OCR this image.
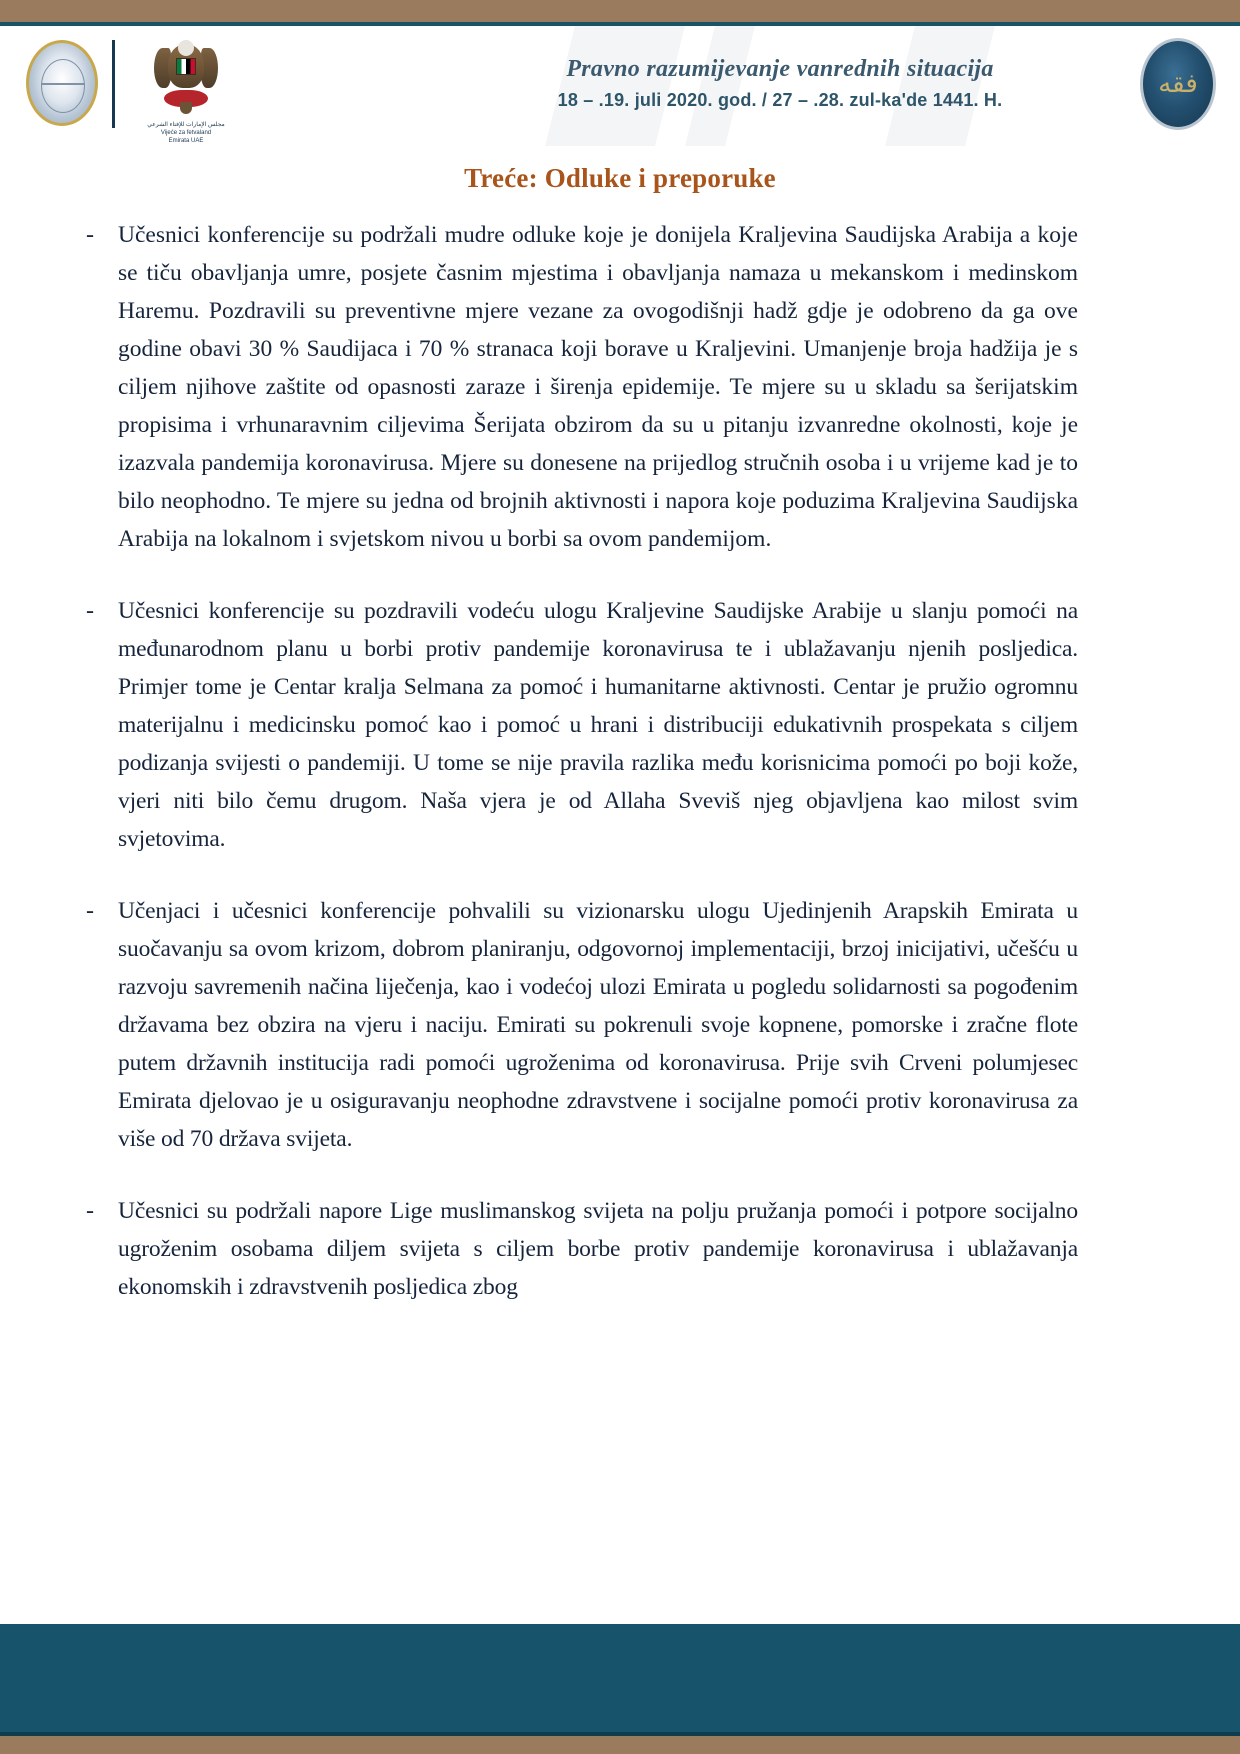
مجلس الإمارات للإفتاء الشرعي
Vijeće za fetvaland
Emirata UAE
Pravno razumijevanje vanrednih situacija
18 – .19. juli 2020. god. / 27 – .28. zul-ka'de 1441. H.
فقه
Treće: Odluke i preporuke
-	Učesnici konferencije su podržali mudre odluke koje je donijela Kraljevina Saudijska Arabija a koje se tiču obavljanja umre, posjete časnim mjestima i obavljanja namaza u mekanskom i medinskom Haremu. Pozdravili su preventivne mjere vezane za ovogodišnji hadž gdje je odobreno da ga ove godine obavi 30 % Saudijaca i 70 % stranaca koji borave u Kraljevini. Umanjenje broja hadžija je s ciljem njihove zaštite od opasnosti zaraze i širenja epidemije. Te mjere su u skladu sa šerijatskim propisima i vrhunaravnim ciljevima Šerijata obzirom da su u pitanju izvanredne okolnosti, koje je izazvala pandemija koronavirusa. Mjere su donesene na prijedlog stručnih osoba i u vrijeme kad je to bilo neophodno. Te mjere su jedna od brojnih aktivnosti i napora koje poduzima Kraljevina Saudijska Arabija na lokalnom i svjetskom nivou u borbi sa ovom pandemijom.
-	Učesnici konferencije su pozdravili vodeću ulogu Kraljevine Saudijske Arabije u slanju pomoći na međunarodnom planu u borbi protiv pandemije koronavirusa te i ublažavanju njenih posljedica. Primjer tome je Centar kralja Selmana za pomoć i humanitarne aktivnosti. Centar je pružio ogromnu materijalnu i medicinsku pomoć kao i pomoć u hrani i distribuciji edukativnih prospekata s ciljem podizanja svijesti o pandemiji. U tome se nije pravila razlika među korisnicima pomoći po boji kože, vjeri niti bilo čemu drugom. Naša vjera je od Allaha Sveviš njeg objavljena kao milost svim svjetovima.
-	Učenjaci i učesnici konferencije pohvalili su vizionarsku ulogu Ujedinjenih Arapskih Emirata u suočavanju sa ovom krizom, dobrom planiranju, odgovornoj implementaciji, brzoj inicijativi, učešću u razvoju savremenih načina liječenja, kao i vodećoj ulozi Emirata u pogledu solidarnosti sa pogođenim državama bez obzira na vjeru i naciju. Emirati su pokrenuli svoje kopnene, pomorske i zračne flote putem državnih institucija radi pomoći ugroženima od koronavirusa. Prije svih Crveni polumjesec Emirata djelovao je u osiguravanju neophodne zdravstvene i socijalne pomoći protiv koronavirusa za više od 70 država svijeta.
-	Učesnici su podržali napore Lige muslimanskog svijeta na polju pružanja pomoći i potpore socijalno ugroženim osobama diljem svijeta s ciljem borbe protiv pandemije koronavirusa i ublažavanja ekonomskih i zdravstvenih posljedica zbog
